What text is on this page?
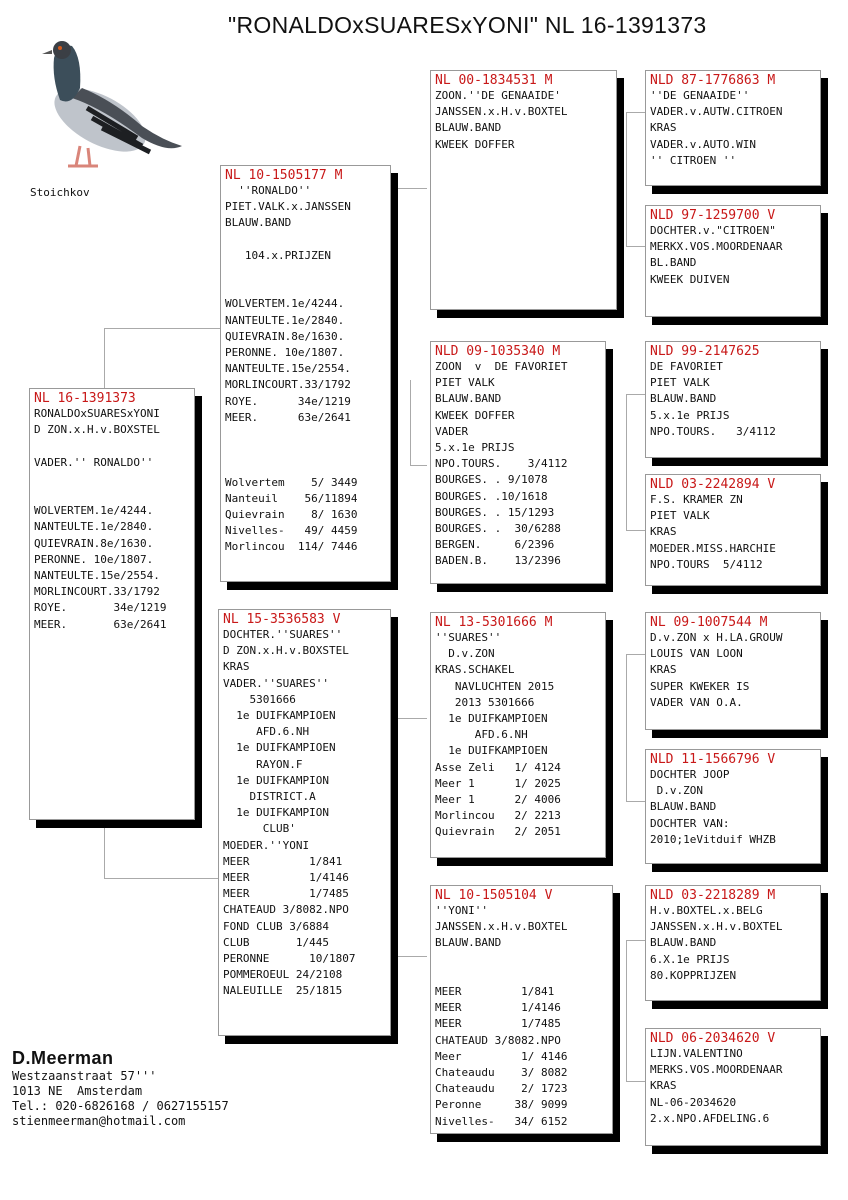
"RONALDOxSUARESxYONI" NL 16-1391373
Stoichkov
NL 16-1391373
RONALDOxSUARESxYONI
D ZON.x.H.v.BOXSTEL

VADER.'' RONALDO''

WOLVERTEM.1e/4244.
NANTEULTE.1e/2840.
QUIEVRAIN.8e/1630.
PERONNE. 10e/1807.
NANTEULTE.15e/2554.
MORLINCOURT.33/1792
ROYE.       34e/1219
MEER.       63e/2641
NL 10-1505177 M
''RONALDO''
PIET.VALK.x.JANSSEN
BLAUW.BAND

104.x.PRIJZEN

WOLVERTEM.1e/4244.
NANTEULTE.1e/2840.
QUIEVRAIN.8e/1630.
PERONNE. 10e/1807.
NANTEULTE.15e/2554.
MORLINCOURT.33/1792
ROYE.      34e/1219
MEER.      63e/2641

Wolvertem    5/ 3449
Nanteuil    56/11894
Quievrain    8/ 1630
Nivelles-   49/ 4459
Morlincou  114/ 7446
NL 15-3536583 V
DOCHTER.''SUARES''
D ZON.x.H.v.BOXSTEL
KRAS
VADER.''SUARES''
5301666
1e DUIFKAMPIOEN
AFD.6.NH
1e DUIFKAMPIOEN
RAYON.F
1e DUIFKAMPION
DISTRICT.A
1e DUIFKAMPION
CLUB'
MOEDER.''YONI
MEER         1/841
MEER         1/4146
MEER         1/7485
CHATEAUD 3/8082.NPO
FOND CLUB 3/6884
CLUB       1/445
PERONNE      10/1807
POMMEROEUL 24/2108
NALEUILLE  25/1815
NL 00-1834531 M
ZOON.''DE GENAAIDE'
JANSSEN.x.H.v.BOXTEL
BLAUW.BAND
KWEEK DOFFER
NLD 09-1035340 M
ZOON  v  DE FAVORIET
PIET VALK
BLAUW.BAND
KWEEK DOFFER
VADER
5.x.1e PRIJS
NPO.TOURS.    3/4112
BOURGES. . 9/1078
BOURGES. .10/1618
BOURGES. . 15/1293
BOURGES. .  30/6288
BERGEN.     6/2396
BADEN.B.    13/2396
NL 13-5301666 M
''SUARES''
D.v.ZON
KRAS.SCHAKEL
NAVLUCHTEN 2015
2013 5301666
1e DUIFKAMPIOEN
AFD.6.NH
1e DUIFKAMPIOEN
Asse Zeli   1/ 4124
Meer 1      1/ 2025
Meer 1      2/ 4006
Morlincou   2/ 2213
Quievrain   2/ 2051
NL 10-1505104 V
''YONI''
JANSSEN.x.H.v.BOXTEL
BLAUW.BAND

MEER         1/841
MEER         1/4146
MEER         1/7485
CHATEAUD 3/8082.NPO
Meer         1/ 4146
Chateaudu    3/ 8082
Chateaudu    2/ 1723
Peronne     38/ 9099
Nivelles-   34/ 6152
NLD 87-1776863 M
''DE GENAAIDE''
VADER.v.AUTW.CITROEN
KRAS
VADER.v.AUTO.WIN
'' CITROEN ''
NLD 97-1259700 V
DOCHTER.v."CITROEN"
MERKX.VOS.MOORDENAAR
BL.BAND
KWEEK DUIVEN
NLD 99-2147625
DE FAVORIET
PIET VALK
BLAUW.BAND
5.x.1e PRIJS
NPO.TOURS.   3/4112
NLD 03-2242894 V
F.S. KRAMER ZN
PIET VALK
KRAS
MOEDER.MISS.HARCHIE
NPO.TOURS  5/4112
NL 09-1007544 M
D.v.ZON x H.LA.GROUW
LOUIS VAN LOON
KRAS
SUPER KWEKER IS
VADER VAN O.A.
NLD 11-1566796 V
DOCHTER JOOP
D.v.ZON
BLAUW.BAND
DOCHTER VAN:
2010;1eVitduif WHZB
NLD 03-2218289 M
H.v.BOXTEL.x.BELG
JANSSEN.x.H.v.BOXTEL
BLAUW.BAND
6.X.1e PRIJS
80.KOPPRIJZEN
NLD 06-2034620 V
LIJN.VALENTINO
MERKS.VOS.MOORDENAAR
KRAS
NL-06-2034620
2.x.NPO.AFDELING.6
D.Meerman
Westzaanstraat 57'''
1013 NE  Amsterdam
Tel.: 020-6826168 / 0627155157
stienmeerman@hotmail.com
